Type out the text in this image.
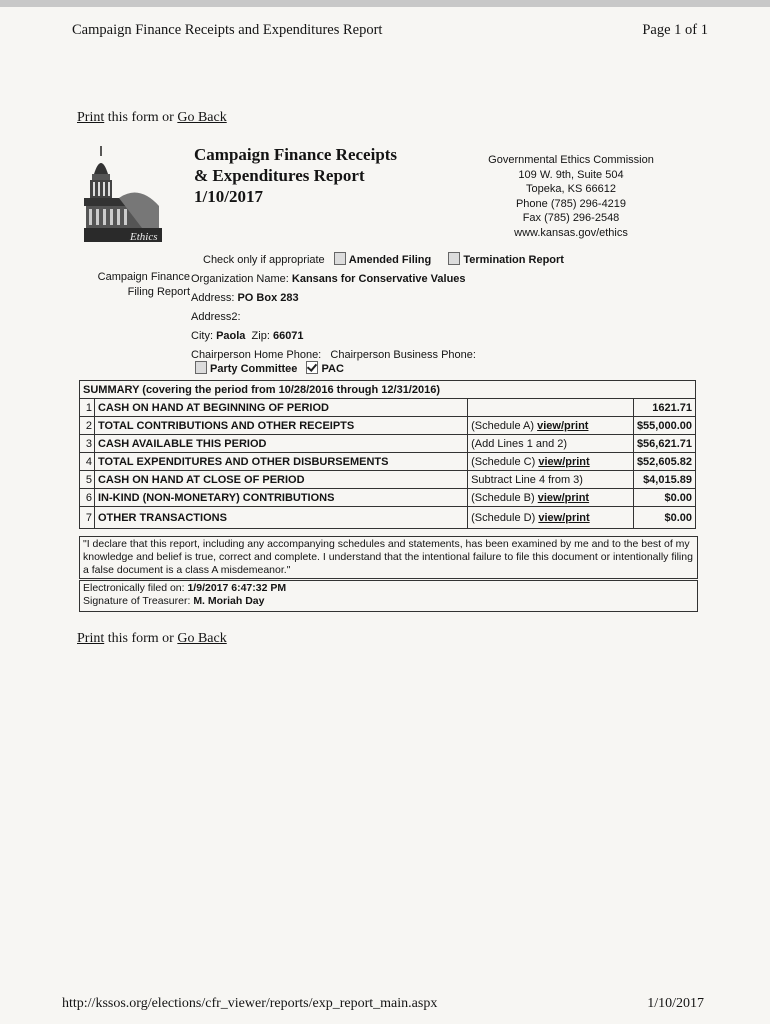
Campaign Finance Receipts and Expenditures Report	Page 1 of 1
Print this form or Go Back
Ethics
Campaign Finance Receipts
& Expenditures Report
1/10/2017
Governmental Ethics Commission
109 W. 9th, Suite 504
Topeka, KS 66612
Phone (785) 296-4219
Fax (785) 296-2548
www.kansas.gov/ethics
Check only if appropriate Amended Filing	Termination Report
Campaign Finance
Filing Report
Organization Name: Kansans for Conservative Values
Address: PO Box 283
Address2:
City: Paola Zip: 66071
Chairperson Home Phone: Chairperson Business Phone:
Party Committee PAC
SUMMARY (covering the period from 10/28/2016 through 12/31/2016)			
1	CASH ON HAND AT BEGINNING OF PERIOD		1621.71
2	TOTAL CONTRIBUTIONS AND OTHER RECEIPTS	(Schedule A) view/print	$55,000.00
3	CASH AVAILABLE THIS PERIOD	(Add Lines 1 and 2)	$56,621.71
4	TOTAL EXPENDITURES AND OTHER DISBURSEMENTS	(Schedule C) view/print	$52,605.82
5	CASH ON HAND AT CLOSE OF PERIOD	Subtract Line 4 from 3)	$4,015.89
6	IN-KIND (NON-MONETARY) CONTRIBUTIONS	(Schedule B) view/print	$0.00
7	OTHER TRANSACTIONS	(Schedule D) view/print	$0.00
"I declare that this report, including any accompanying schedules and statements, has been examined by me and to the best of my knowledge and belief is true, correct and complete. I understand that the intentional failure to file this document or intentionally filing a false document is a class A misdemeanor."
Electronically filed on: 1/9/2017 6:47:32 PM
Signature of Treasurer: M. Moriah Day
Print this form or Go Back
http://kssos.org/elections/cfr_viewer/reports/exp_report_main.aspx	1/10/2017
